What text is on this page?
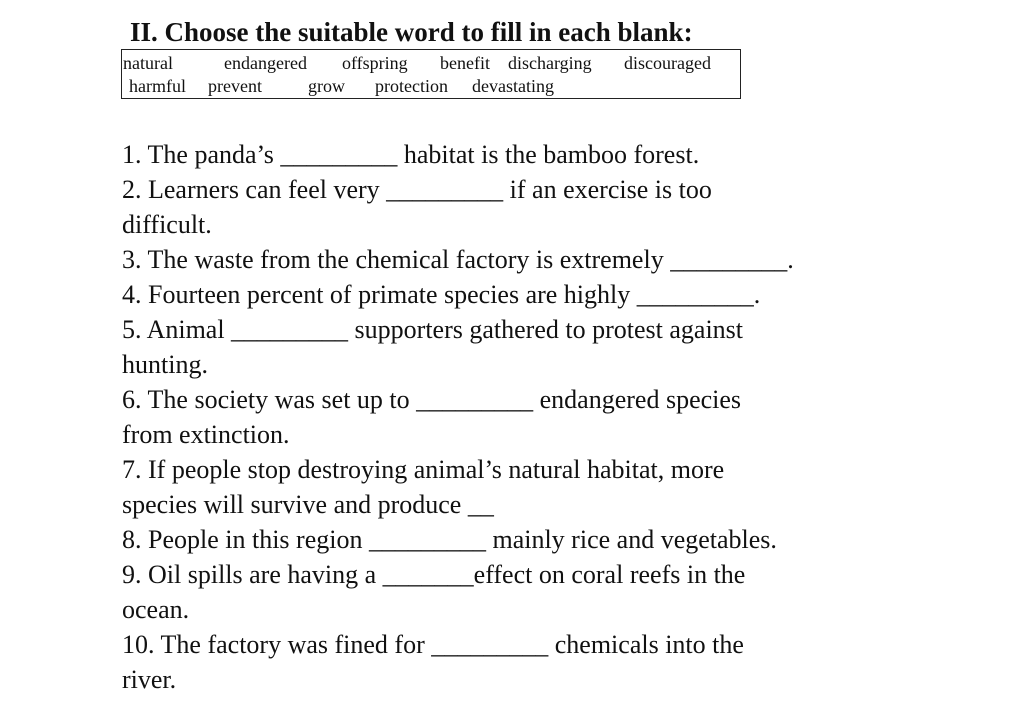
II. Choose the suitable word to fill in each blank:
natural	endangered offspring benefit discharging discouraged
harmful prevent	grow protection devastating
1. The panda’s _________ habitat is the bamboo forest.
2. Learners can feel very _________ if an exercise is too
difficult.
3. The waste from the chemical factory is extremely _________.
4. Fourteen percent of primate species are highly _________.
5. Animal _________ supporters gathered to protest against
hunting.
6. The society was set up to _________ endangered species
from extinction.
7. If people stop destroying animal’s natural habitat, more
species will survive and produce __
8. People in this region _________ mainly rice and vegetables.
9. Oil spills are having a _______effect on coral reefs in the
ocean.
10. The factory was fined for _________ chemicals into the
river.
